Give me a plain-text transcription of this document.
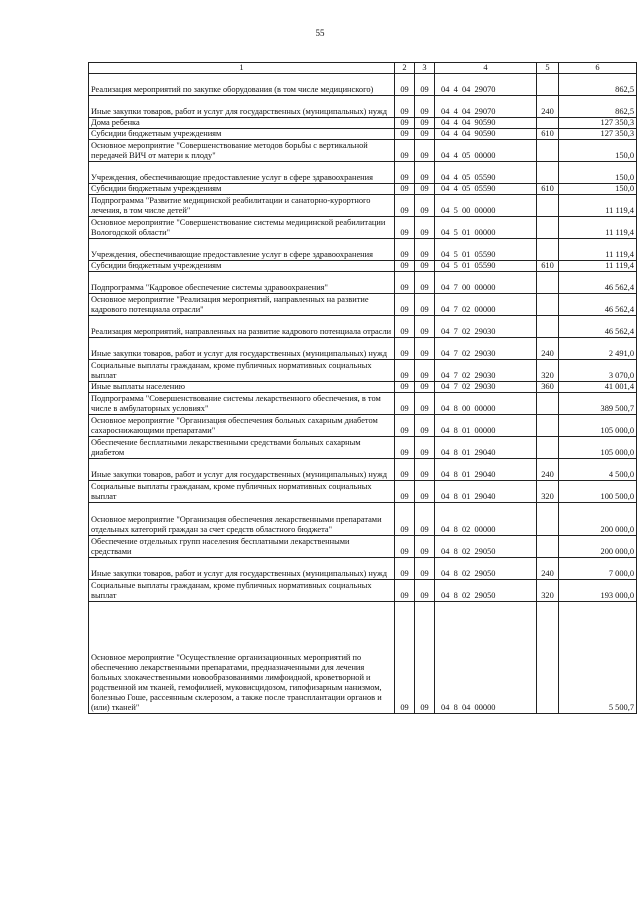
55
1	2	3	4	5	6
Реализация мероприятий по закупке оборудования (в том числе медицинского)	09	09	04  4  04  29070		862,5
Иные закупки товаров, работ и услуг для государственных (муниципальных) нужд	09	09	04  4  04  29070	240	862,5
Дома ребенка	09	09	04  4  04  90590		127 350,3
Субсидии бюджетным учреждениям	09	09	04  4  04  90590	610	127 350,3
Основное мероприятие "Совершенствование методов борьбы с вертикальной передачей ВИЧ от матери к плоду"	09	09	04  4  05  00000		150,0
Учреждения, обеспечивающие предоставление услуг в сфере здравоохранения	09	09	04  4  05  05590		150,0
Субсидии бюджетным учреждениям	09	09	04  4  05  05590	610	150,0
Подпрограмма "Развитие медицинской реабилитации и санаторно-курортного лечения, в том числе детей"	09	09	04  5  00  00000		11 119,4
Основное мероприятие "Совершенствование системы медицинской реабилитации Вологодской области"	09	09	04  5  01  00000		11 119,4
Учреждения, обеспечивающие предоставление услуг в сфере здравоохранения	09	09	04  5  01  05590		11 119,4
Субсидии бюджетным учреждениям	09	09	04  5  01  05590	610	11 119,4
Подпрограмма "Кадровое обеспечение системы здравоохранения"	09	09	04  7  00  00000		46 562,4
Основное мероприятие "Реализация мероприятий, направленных на развитие кадрового потенциала отрасли"	09	09	04  7  02  00000		46 562,4
Реализация мероприятий, направленных на развитие кадрового потенциала отрасли	09	09	04  7  02  29030		46 562,4
Иные закупки товаров, работ и услуг для государственных (муниципальных) нужд	09	09	04  7  02  29030	240	2 491,0
Социальные выплаты гражданам, кроме публичных нормативных социальных выплат	09	09	04  7  02  29030	320	3 070,0
Иные выплаты населению	09	09	04  7  02  29030	360	41 001,4
Подпрограмма "Совершенствование системы лекарственного обеспечения, в том числе в амбулаторных условиях"	09	09	04  8  00  00000		389 500,7
Основное мероприятие "Организация обеспечения больных сахарным диабетом сахароснижающими препаратами"	09	09	04  8  01  00000		105 000,0
Обеспечение бесплатными лекарственными средствами больных сахарным диабетом	09	09	04  8  01  29040		105 000,0
Иные закупки товаров, работ и услуг для государственных (муниципальных) нужд	09	09	04  8  01  29040	240	4 500,0
Социальные выплаты гражданам, кроме публичных нормативных социальных выплат	09	09	04  8  01  29040	320	100 500,0
Основное мероприятие "Организация обеспечения лекарственными препаратами отдельных категорий граждан за счет средств областного бюджета"	09	09	04  8  02  00000		200 000,0
Обеспечение отдельных групп населения бесплатными лекарственными средствами	09	09	04  8  02  29050		200 000,0
Иные закупки товаров, работ и услуг для государственных (муниципальных) нужд	09	09	04  8  02  29050	240	7 000,0
Социальные выплаты гражданам, кроме публичных нормативных социальных выплат	09	09	04  8  02  29050	320	193 000,0
Основное мероприятие "Осуществление организационных мероприятий по обеспечению лекарственными препаратами, предназначенными для лечения больных злокачественными новообразованиями лимфоидной, кроветворной и родственной им тканей, гемофилией, муковисцидозом, гипофизарным нанизмом, болезнью Гоше, рассеянным склерозом, а также после трансплантации органов и (или) тканей"	09	09	04  8  04  00000		5 500,7
